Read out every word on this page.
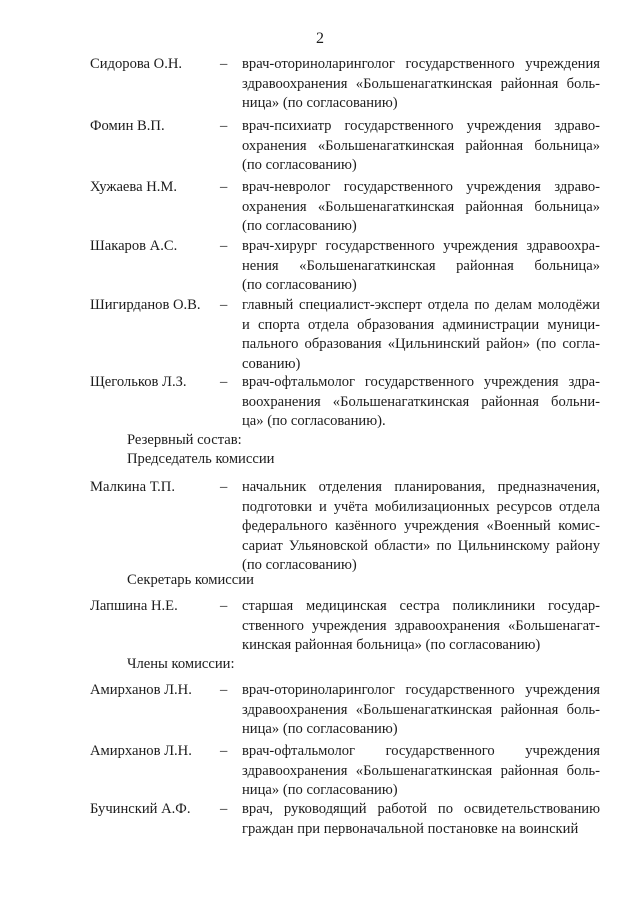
2
Сидорова О.Н.	– врач-оториноларинголог государственного учреждения
здравоохранения «Большенагаткинская районная боль-
ница» (по согласованию)
Фомин В.П.	– врач-психиатр государственного учреждения здраво-
охранения «Большенагаткинская районная больница»
(по согласованию)
Хужаева Н.М.	– врач-невролог государственного учреждения здраво-
охранения «Большенагаткинская районная больница»
(по согласованию)
Шакаров А.С.	– врач-хирург государственного учреждения здравоохра-
нения «Большенагаткинская районная больница»
(по согласованию)
Шигирданов О.В. – главный специалист-эксперт отдела по делам молодёжи
и спорта отдела образования администрации муници-
пального образования «Цильнинский район» (по согла-
сованию)
Щегольков Л.З. – врач-офтальмолог государственного учреждения здра-
воохранения «Большенагаткинская районная больни-
ца» (по согласованию).
Резервный состав:
Председатель комиссии
Малкина Т.П.	– начальник отделения планирования, предназначения,
подготовки и учёта мобилизационных ресурсов отдела
федерального казённого учреждения «Военный комис-
сариат Ульяновской области» по Цильнинскому району
(по согласованию)
Секретарь комиссии
Лапшина Н.Е.	– старшая медицинская сестра поликлиники государ-
ственного учреждения здравоохранения «Большенагат-
кинская районная больница» (по согласованию)
Члены комиссии:
Амирханов Л.Н. – врач-оториноларинголог государственного учреждения
здравоохранения «Большенагаткинская районная боль-
ница» (по согласованию)
Амирханов Л.Н. – врач-офтальмолог государственного учреждения
здравоохранения «Большенагаткинская районная боль-
ница» (по согласованию)
Бучинский А.Ф. – врач, руководящий работой по освидетельствованию
граждан при первоначальной постановке на воинский
